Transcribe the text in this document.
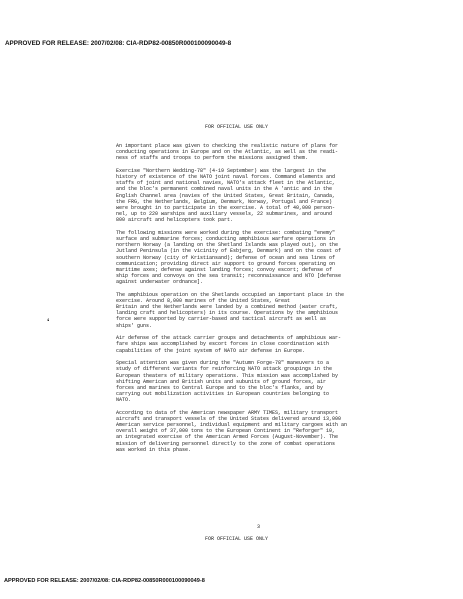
APPROVED FOR RELEASE: 2007/02/08: CIA-RDP82-00850R000100090049-8
FOR OFFICIAL USE ONLY
ʻ
An important place was given to checking the realistic nature of plans for
conducting operations in Europe and on the Atlantic, as well as the readi-
ness of staffs and troops to perform the missions assigned them.
Exercise "Northern Wedding-78" (4-19 September) was the largest in the
history of existence of the NATO joint naval forces. Command elements and
staffs of joint and national navies, NATO's attack fleet in the Atlantic,
and the bloc's permanent combined naval units in the A 'antic and in the
English Channel area (navies of the United States, Great Britain, Canada,
the FRG, the Netherlands, Belgium, Denmark, Norway, Portugal and France)
were brought in to participate in the exercise. A total of 40,000 person-
nel, up to 220 warships and auxiliary vessels, 22 submarines, and around
800 aircraft and helicopters took part.
The following missions were worked during the exercise: combating "enemy"
surface and submarine forces; conducting amphibious warfare operations in
northern Norway (a landing on the Shetland Islands was played out), on the
Jutland Peninsula (in the vicinity of Esbjerg, Denmark) and on the coast of
southern Norway (city of Kristiansand); defense of ocean and sea lines of
communication; providing direct air support to ground forces operating on
maritime axes; defense against landing forces; convoy escort; defense of
ship forces and convoys on the sea transit; reconnaissance and NTO [defense
against underwater ordnance].
The amphibious operation on the Shetlands occupied an important place in the
exercise. Around 8,000 marines of the United States, Great
Britain and the Netherlands were landed by a combined method (water craft,
landing craft and helicopters) in its course. Operations by the amphibious
force were supported by carrier-based and tactical aircraft as well as
ships' guns.
Air defense of the attack carrier groups and detachments of amphibious war-
fare ships was accomplished by escort forces in close coordination with
capabilities of the joint system of NATO air defense in Europe.
Special attention was given during the "Autumn Forge-78" maneuvers to a
study of different variants for reinforcing NATO attack groupings in the
European theaters of military operations. This mission was accomplished by
shifting American and British units and subunits of ground forces, air
forces and marines to Central Europe and to the bloc's flanks, and by
carrying out mobilization activities in European countries belonging to
NATO.
According to data of the American newspaper ARMY TIMES, military transport
aircraft and transport vessels of the United States delivered around 13,000
American service personnel, individual equipment and military cargoes with an
overall weight of 37,000 tons to the European Continent in "Reforger" 10,
an integrated exercise of the American Armed Forces (August-November). The
mission of delivering personnel directly to the zone of combat operations
was worked in this phase.
3
FOR OFFICIAL USE ONLY
APPROVED FOR RELEASE: 2007/02/08: CIA-RDP82-00850R000100090049-8
